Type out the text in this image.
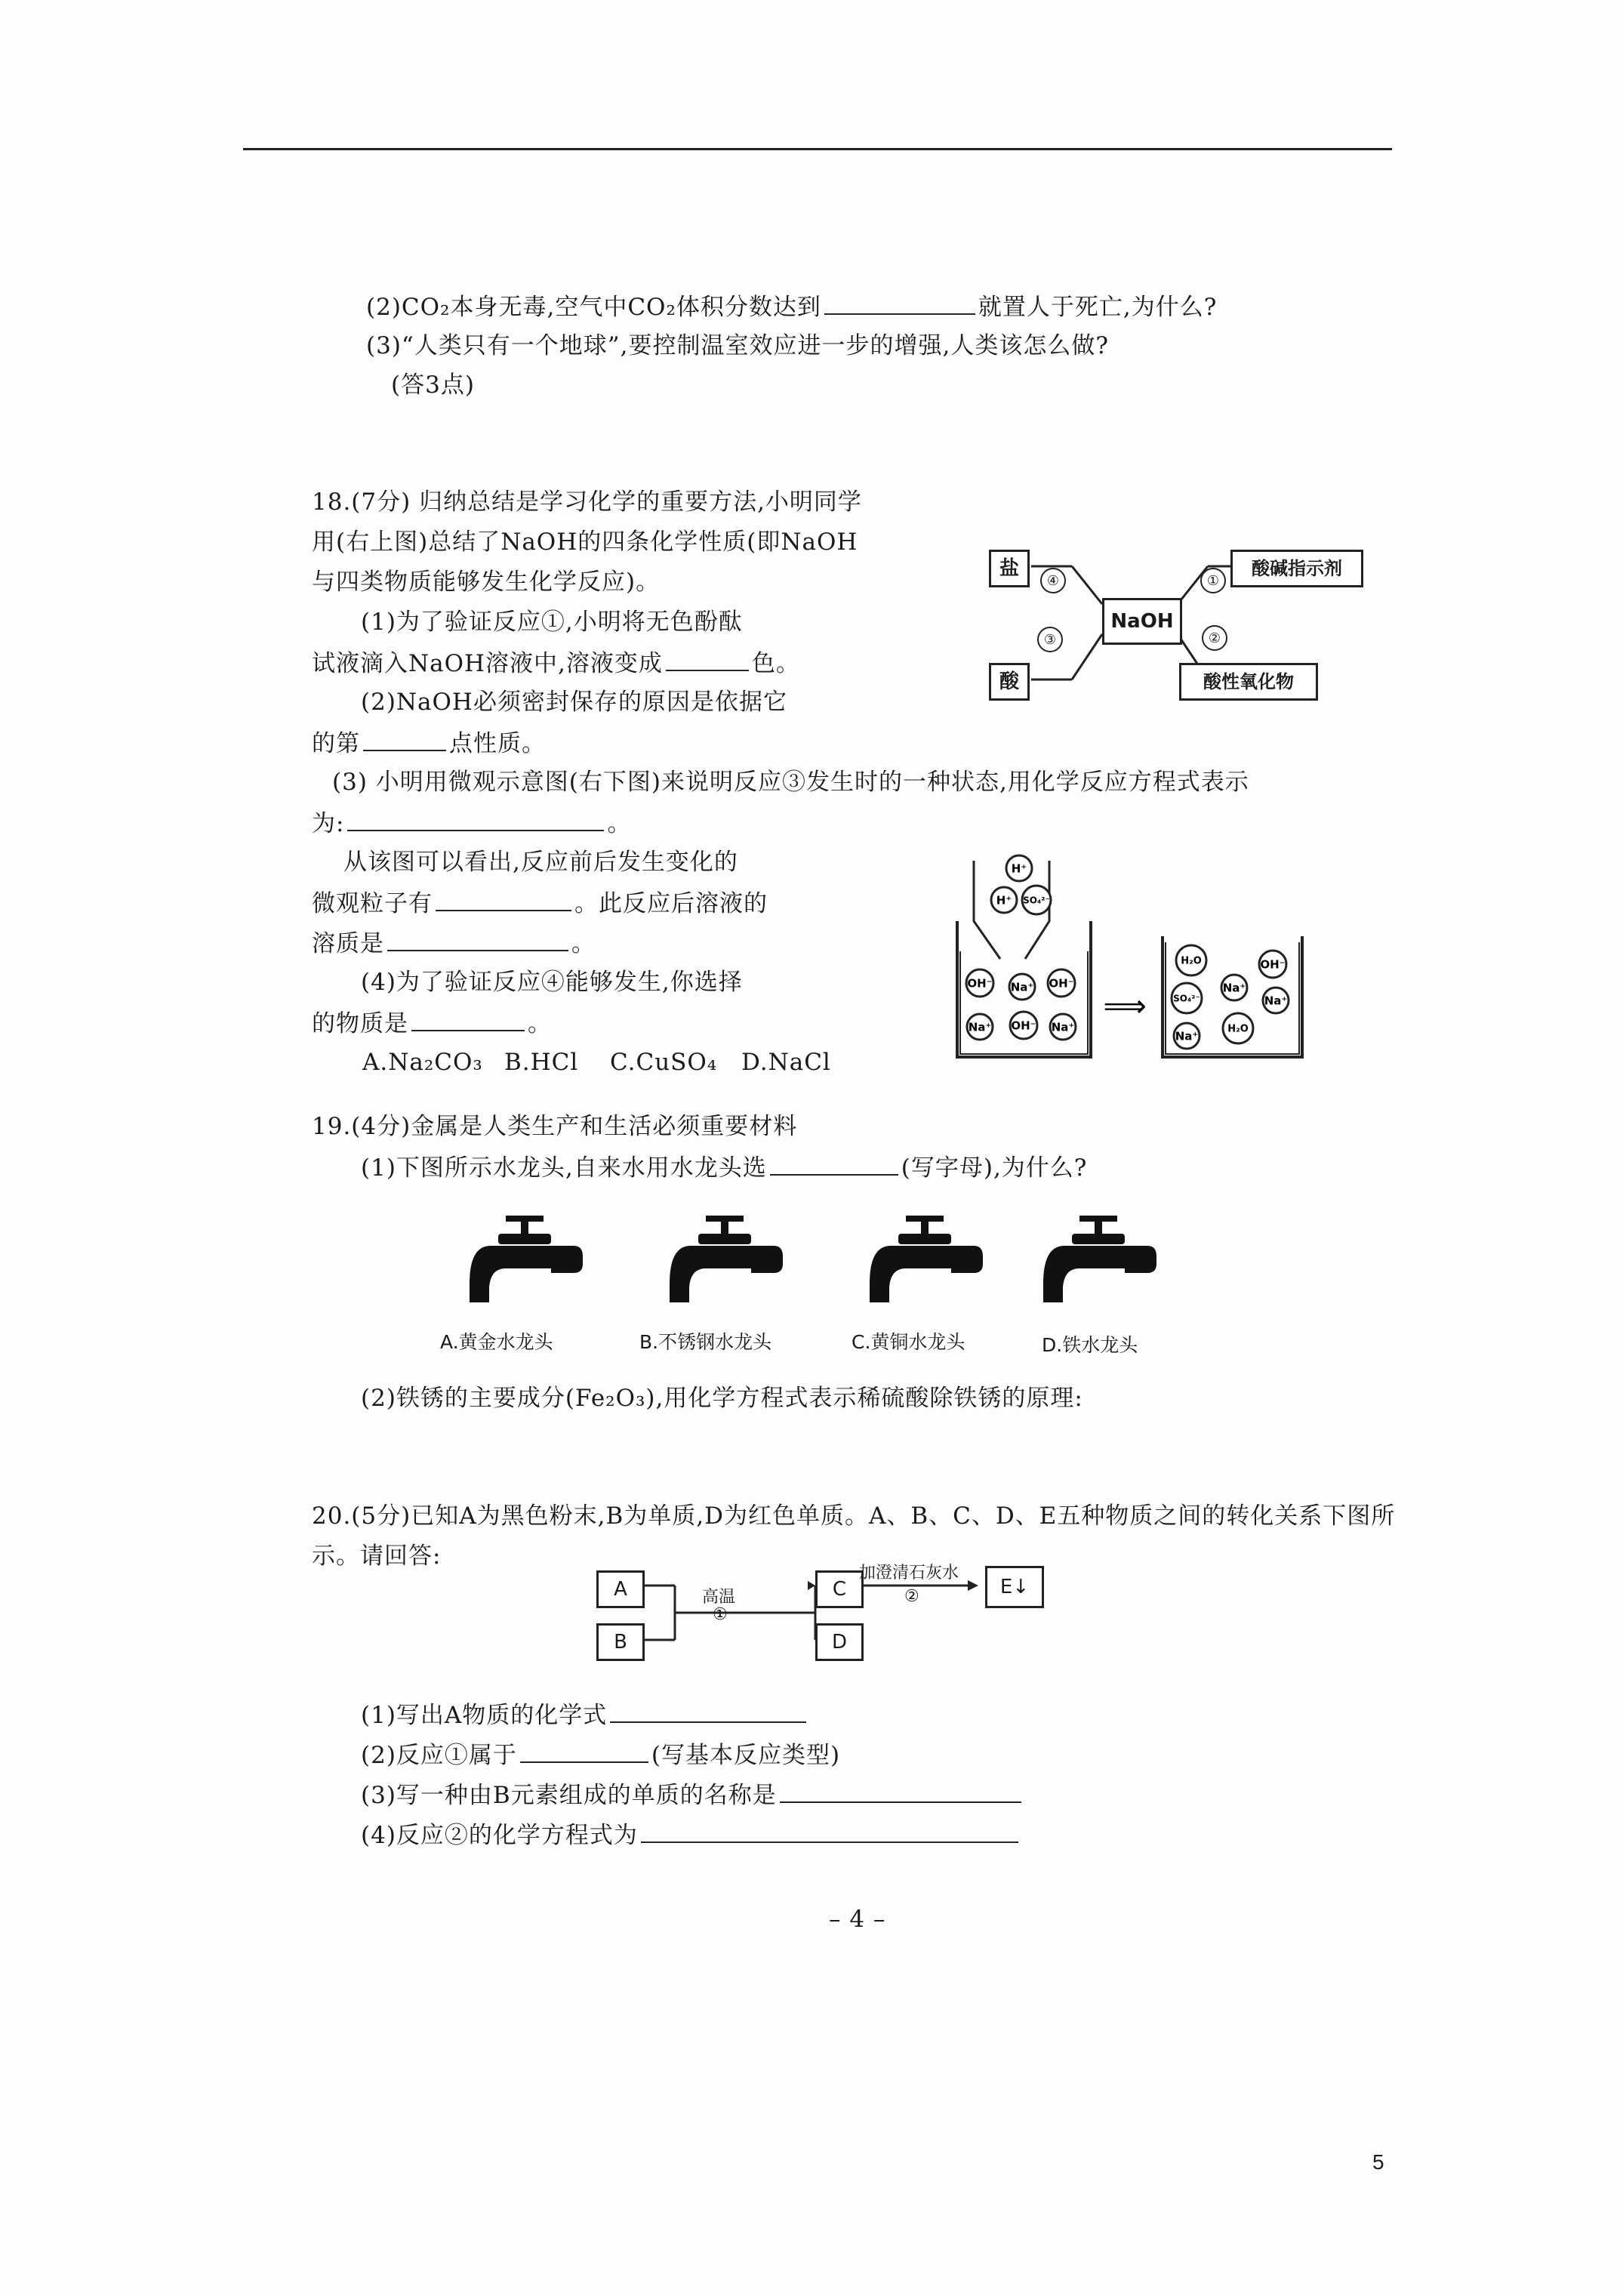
(2)CO₂本身无毒,空气中CO₂体积分数达到	就置人于死亡,为什么?
(3)“人类只有一个地球”,要控制温室效应进一步的增强,人类该怎么做?
(答3点)
18.(7分) 归纳总结是学习化学的重要方法,小明同学
用(右上图)总结了NaOH的四条化学性质(即NaOH
与四类物质能够发生化学反应)。
(1)为了验证反应①,小明将无色酚酞
试液滴入NaOH溶液中,溶液变成	色。
(2)NaOH必须密封保存的原因是依据它
的第	点性质。
(3) 小明用微观示意图(右下图)来说明反应③发生时的一种状态,用化学反应方程式表示
为:	。
从该图可以看出,反应前后发生变化的
微观粒子有	。此反应后溶液的
溶质是	。
(4)为了验证反应④能够发生,你选择
的物质是	。
A.Na₂CO₃ B.HCl C.CuSO₄ D.NaCl
盐
酸
NaOH
酸碱指示剂
酸性氧化物
④
③
①
②
H⁺
H⁺ SO₄²⁻
OH⁻ Na⁺ OH⁻
Na⁺ OH⁻ Na⁺
⟹
H₂O	OH⁻
Na⁺
SO₄²⁻	Na⁺
Na⁺
H₂O
19.(4分)金属是人类生产和生活必须重要材料
(1)下图所示水龙头,自来水用水龙头选	(写字母),为什么?
A.黄金水龙头	B.不锈钢水龙头	C.黄铜水龙头	D.铁水龙头
(2)铁锈的主要成分(Fe₂O₃),用化学方程式表示稀硫酸除铁锈的原理:
20.(5分)已知A为黑色粉末,B为单质,D为红色单质。A、B、C、D、E五种物质之间的转化关系下图所
示。请回答:
A
B
C
D
E↓
高温
①
加澄清石灰水
②
(1)写出A物质的化学式
(2)反应①属于	(写基本反应类型)
(3)写一种由B元素组成的单质的名称是
(4)反应②的化学方程式为
– 4 –
5
